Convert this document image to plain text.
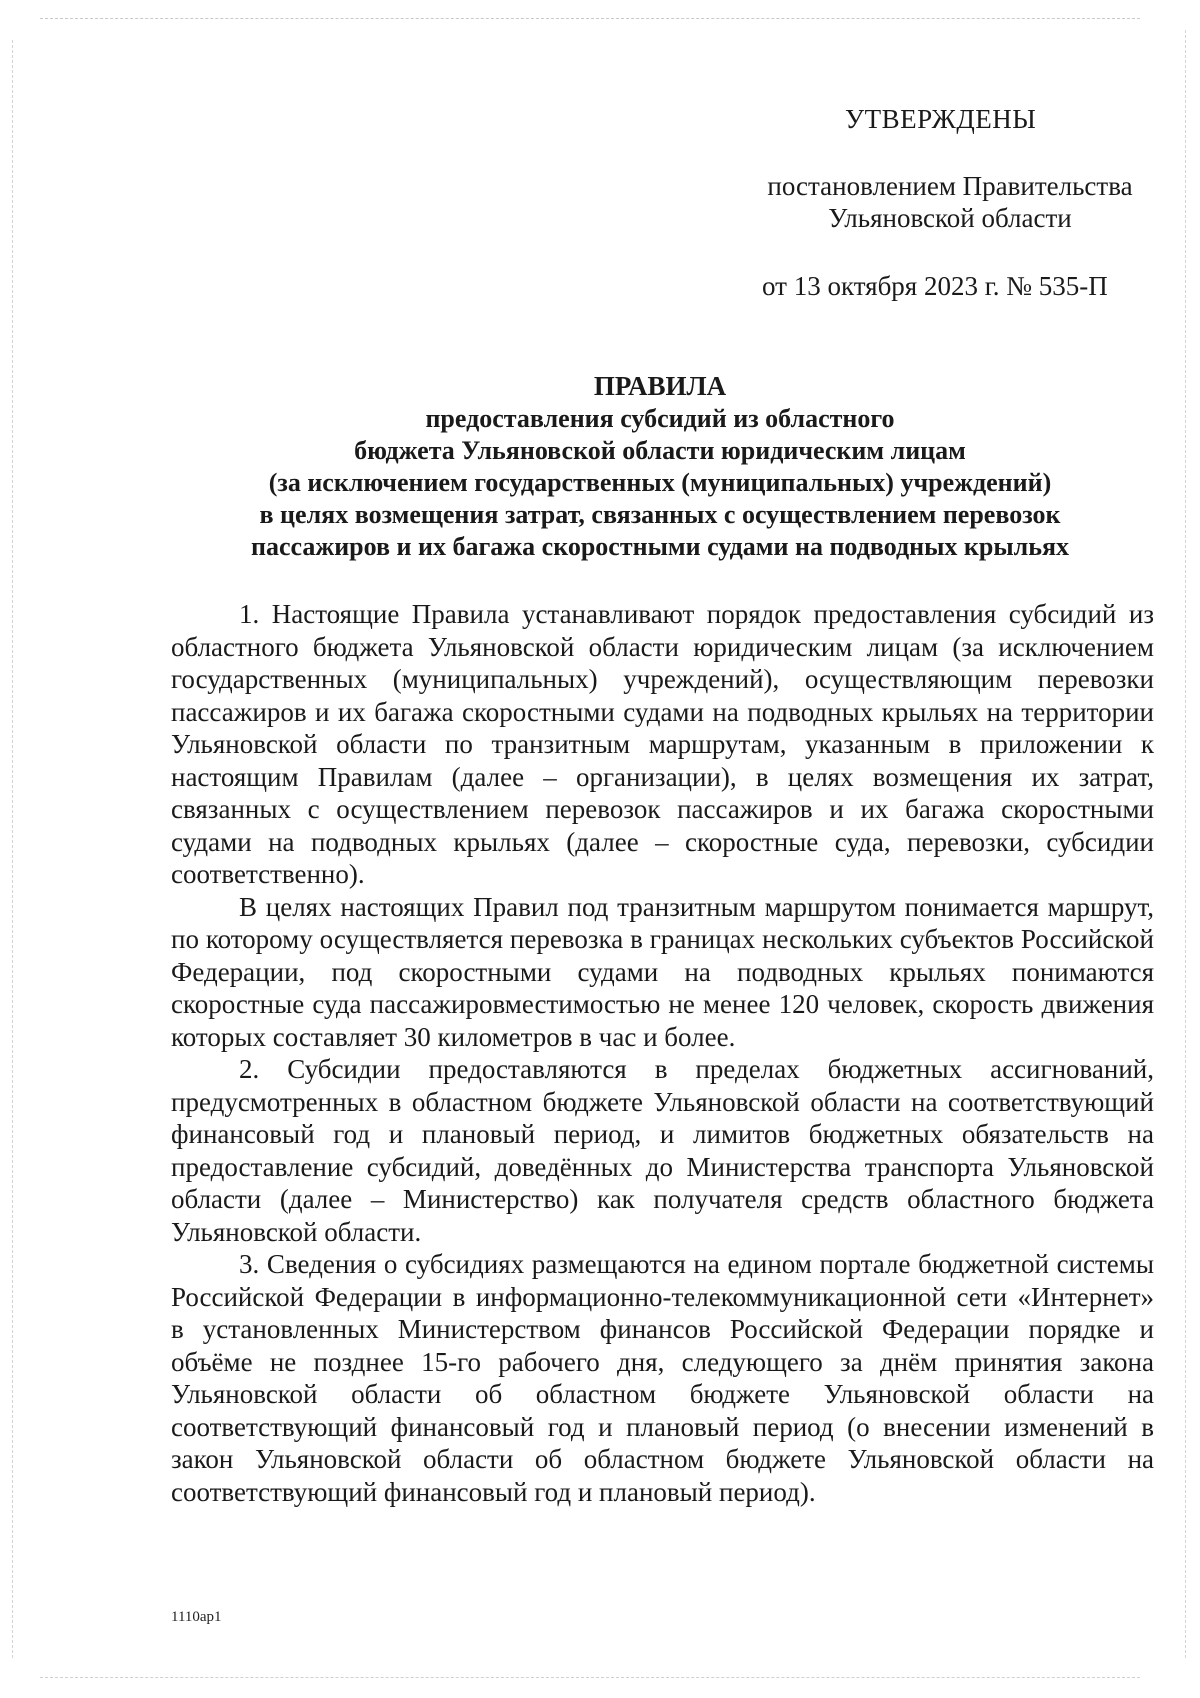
УТВЕРЖДЕНЫ
постановлением Правительства
Ульяновской области
от 13 октября 2023 г. № 535-П
ПРАВИЛА
предоставления субсидий из областного
бюджета Ульяновской области юридическим лицам
(за исключением государственных (муниципальных) учреждений)
в целях возмещения затрат, связанных с осуществлением перевозок
пассажиров и их багажа скоростными судами на подводных крыльях

1. Настоящие Правила устанавливают порядок предоставления субсидий из областного бюджета Ульяновской области юридическим лицам (за исключением государственных (муниципальных) учреждений), осуществляющим перевозки пассажиров и их багажа скоростными судами на подводных крыльях на территории Ульяновской области по транзитным маршрутам, указанным в приложении к настоящим Правилам (далее – организации), в целях возмещения их затрат, связанных с осуществлением перевозок пассажиров и их багажа скоростными судами на подводных крыльях (далее – скоростные суда, перевозки, субсидии соответственно).

В целях настоящих Правил под транзитным маршрутом понимается маршрут, по которому осуществляется перевозка в границах нескольких субъектов Российской Федерации, под скоростными судами на подводных крыльях понимаются скоростные суда пассажировместимостью не менее 120 человек, скорость движения которых составляет 30 километров в час и более.

2. Субсидии предоставляются в пределах бюджетных ассигнований, предусмотренных в областном бюджете Ульяновской области на соответствующий финансовый год и плановый период, и лимитов бюджетных обязательств на предоставление субсидий, доведённых до Министерства транспорта Ульяновской области (далее – Министерство) как получателя средств областного бюджета Ульяновской области.

3. Сведения о субсидиях размещаются на едином портале бюджетной системы Российской Федерации в информационно-телекоммуникационной сети «Интернет» в установленных Министерством финансов Российской Федерации порядке и объёме не позднее 15-го рабочего дня, следующего за днём принятия закона Ульяновской области об областном бюджете Ульяновской области на соответствующий финансовый год и плановый период (о внесении изменений в закон Ульяновской области об областном бюджете Ульяновской области на соответствующий финансовый год и плановый период).

1110ap1
